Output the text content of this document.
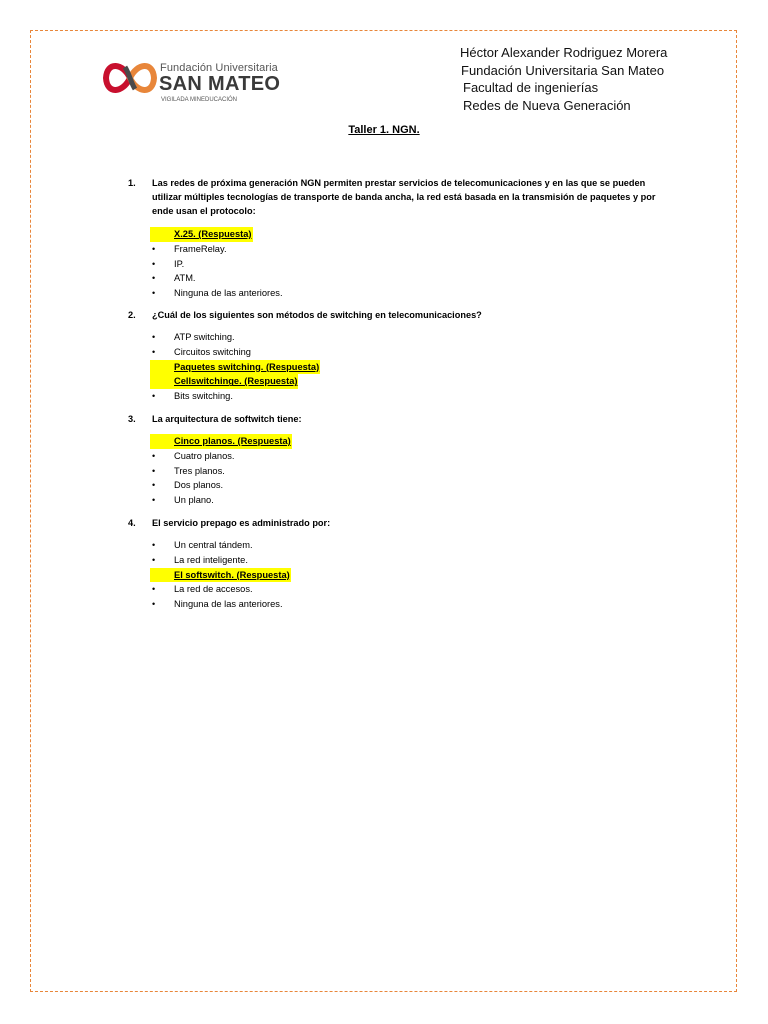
Fundación Universitaria
SAN MATEO
VIGILADA MINEDUCACIÓN
Héctor Alexander Rodriguez Morera
Fundación Universitaria San Mateo
Facultad de ingenierías
Redes de Nueva Generación
Taller 1. NGN.
1. Las redes de próxima generación NGN permiten prestar servicios de telecomunicaciones y en las que se pueden utilizar múltiples tecnologías de transporte de banda ancha, la red está basada en la transmisión de paquetes y por ende usan el protocolo:
X.25. (Respuesta)
• FrameRelay.
• IP.
• ATM.
• Ninguna de las anteriores.
2. ¿Cuál de los siguientes son métodos de switching en telecomunicaciones?
• ATP switching.
• Circuitos switching
Paquetes switching. (Respuesta)
Cellswitchinge. (Respuesta)
• Bits switching.
3. La arquitectura de softwitch tiene:
Cinco planos. (Respuesta)
• Cuatro planos.
• Tres planos.
• Dos planos.
• Un plano.
4. El servicio prepago es administrado por:
• Un central tándem.
• La red inteligente.
El softswitch. (Respuesta)
• La red de accesos.
• Ninguna de las anteriores.
